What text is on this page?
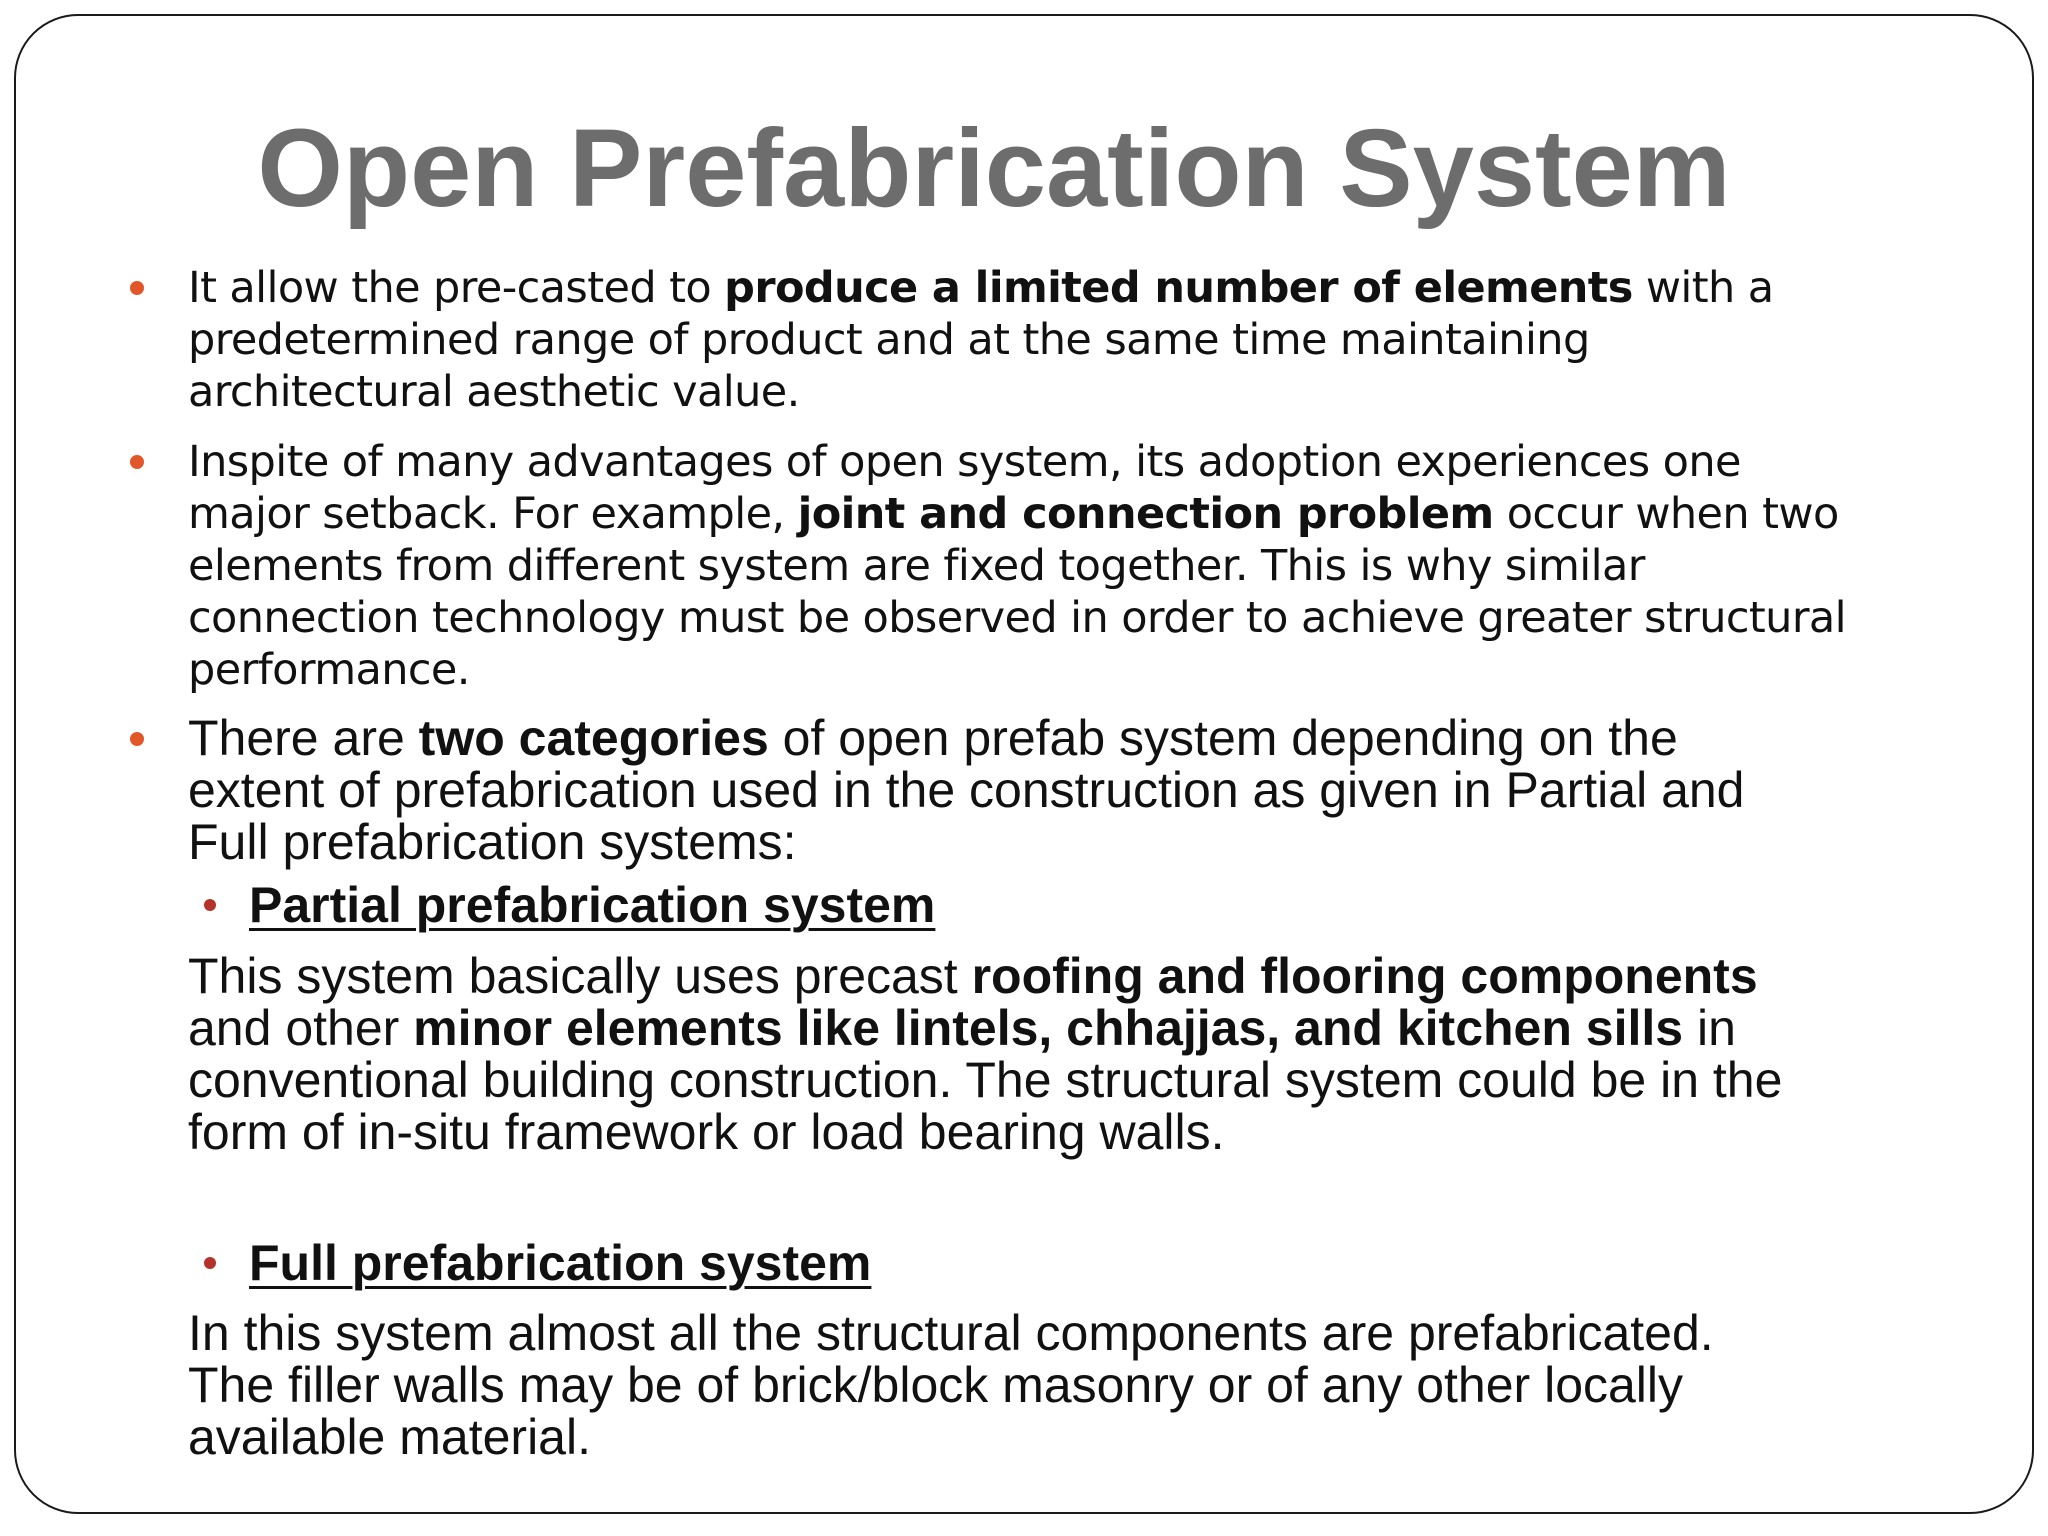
Open Prefabrication System

It allow the pre-casted to produce a limited number of elements with a
predetermined range of product and at the same time maintaining
architectural aesthetic value.

Inspite of many advantages of open system, its adoption experiences one
major setback. For example, joint and connection problem occur when two
elements from different system are fixed together. This is why similar
connection technology must be observed in order to achieve greater structural
performance.

There are two categories of open prefab system depending on the
extent of prefabrication used in the construction as given in Partial and
Full prefabrication systems:

Partial prefabrication system

This system basically uses precast roofing and flooring components
and other minor elements like lintels, chhajjas, and kitchen sills in
conventional building construction. The structural system could be in the
form of in-situ framework or load bearing walls.

Full prefabrication system

In this system almost all the structural components are prefabricated.
The filler walls may be of brick/block masonry or of any other locally
available material.
